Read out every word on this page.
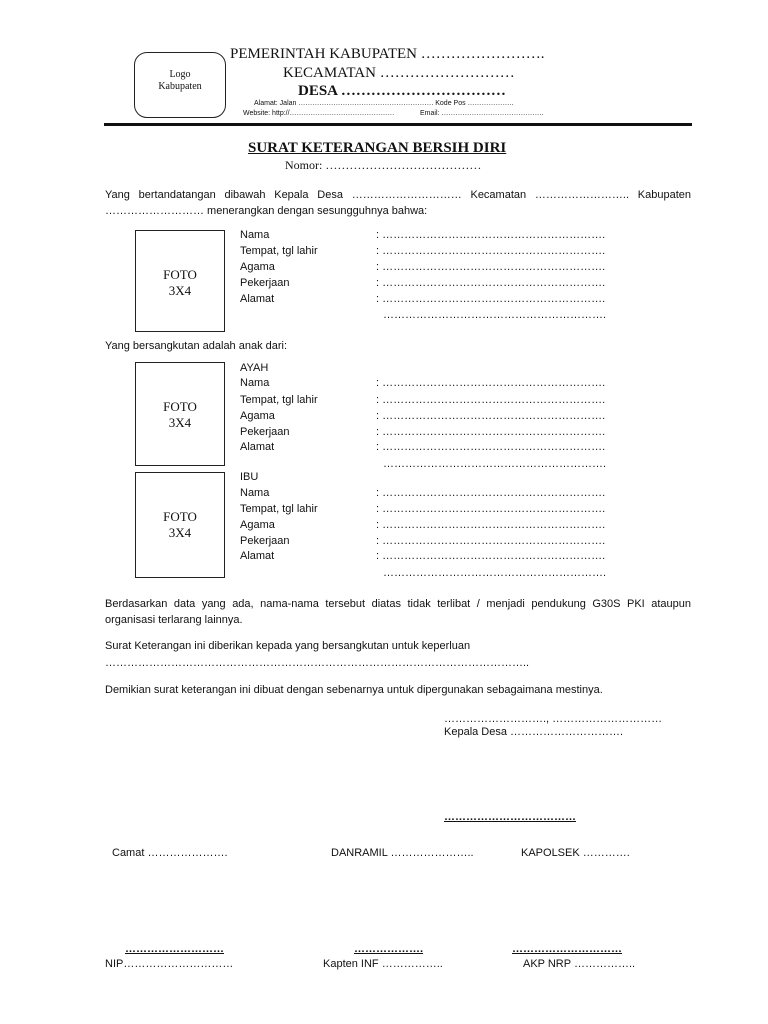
Logo
Kabupaten
PEMERINTAH KABUPATEN …………………….
KECAMATAN ………………………
DESA ……………………………
Alamat: Jalan …………………………………………………. Kode Pos ………………..
Website: http://………………………………………	Email: ……………………………………..
SURAT KETERANGAN BERSIH DIRI
Nomor: …………………………………
Yang bertandatangan dibawah Kepala Desa ………………………… Kecamatan …………………….. Kabupaten
……………………… menerangkan dengan sesungguhnya bahwa:
FOTO
3X4
Nama	: …………………………………………………….
Tempat, tgl lahir	: …………………………………………………….
Agama	: …………………………………………………….
Pekerjaan	: …………………………………………………….
Alamat	: …………………………………………………….
…………………………………………………….
Yang bersangkutan adalah anak dari:
FOTO
3X4
AYAH
Nama	: …………………………………………………….
Tempat, tgl lahir	: …………………………………………………….
Agama	: …………………………………………………….
Pekerjaan	: …………………………………………………….
Alamat	: …………………………………………………….
…………………………………………………….
FOTO
3X4
IBU
Nama	: …………………………………………………….
Tempat, tgl lahir	: …………………………………………………….
Agama	: …………………………………………………….
Pekerjaan	: …………………………………………………….
Alamat	: …………………………………………………….
…………………………………………………….
Berdasarkan data yang ada, nama-nama tersebut diatas tidak terlibat / menjadi pendukung G30S PKI ataupun
organisasi terlarang lainnya.
Surat Keterangan ini diberikan kepada yang bersangkutan untuk keperluan
……………………………………………………………………………………………………..
Demikian surat keterangan ini dibuat dengan sebenarnya untuk dipergunakan sebagaimana mestinya.
………………………., …………………………
Kepala Desa ………………………….
………………………………
Camat ………………….	DANRAMIL …………………..	KAPOLSEK ………….
………………………	……………….	…………………………
NIP…………………………	Kapten INF ……………..	AKP NRP ……………..
